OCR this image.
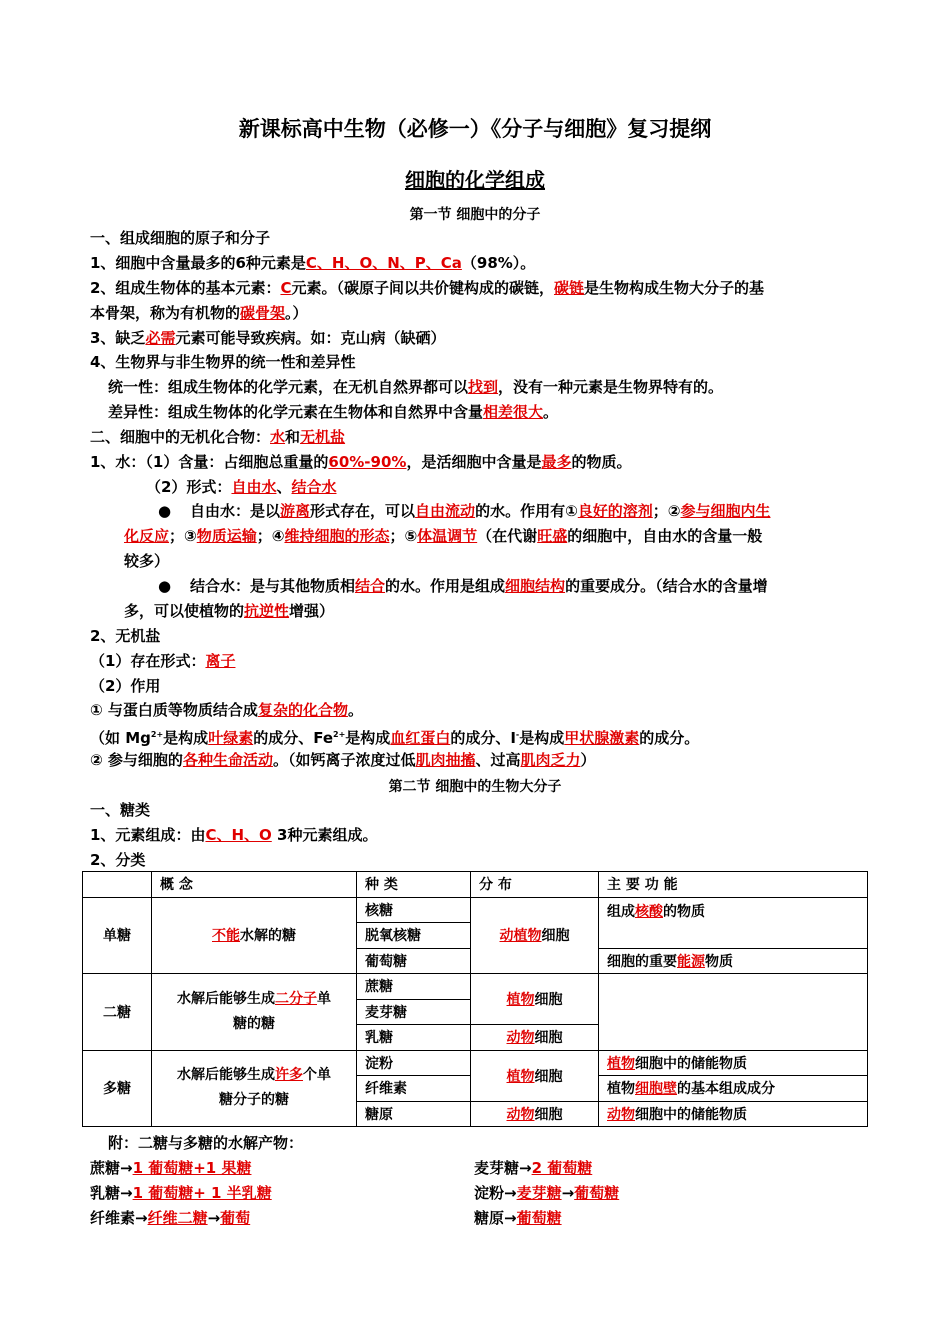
新课标高中生物（必修一）《分子与细胞》复习提纲
细胞的化学组成
第一节 细胞中的分子
一、组成细胞的原子和分子
1、细胞中含量最多的6种元素是C、H、O、N、P、Ca（98%）。
2、组成生物体的基本元素：C元素。（碳原子间以共价键构成的碳链，碳链是生物构成生物大分子的基
本骨架，称为有机物的碳骨架。）
3、缺乏必需元素可能导致疾病。如：克山病（缺硒）
4、生物界与非生物界的统一性和差异性
统一性：组成生物体的化学元素，在无机自然界都可以找到，没有一种元素是生物界特有的。
差异性：组成生物体的化学元素在生物体和自然界中含量相差很大。
二、细胞中的无机化合物：水和无机盐
1、水：（1）含量：占细胞总重量的60%-90%，是活细胞中含量是最多的物质。
（2）形式：自由水、结合水
● 自由水：是以游离形式存在，可以自由流动的水。作用有①良好的溶剂；②参与细胞内生
化反应；③物质运输；④维持细胞的形态；⑤体温调节（在代谢旺盛的细胞中，自由水的含量一般
较多）
● 结合水：是与其他物质相结合的水。作用是组成细胞结构的重要成分。（结合水的含量增
多，可以使植物的抗逆性增强）
2、无机盐
（1）存在形式：离子
（2）作用
① 与蛋白质等物质结合成复杂的化合物。
（如 $Mg^{2+}$是构成叶绿素的成分、$Fe^{2+}$是构成血红蛋白的成分、I-是构成甲状腺激素的成分。
② 参与细胞的各种生命活动。（如钙离子浓度过低肌肉抽搐、过高肌肉乏力）
第二节 细胞中的生物大分子
一、糖类
1、元素组成：由C、H、O 3种元素组成。
2、分类
	概 念	种 类	分 布	主 要 功 能
单糖	不能水解的糖	核糖	动植物细胞	组成核酸的物质
		脱氧核糖		
		葡萄糖		细胞的重要能源物质
二糖	水解后能够生成二分子单
糖的糖	蔗糖	植物细胞	
		麦芽糖		
		乳糖	动物细胞	
多糖	水解后能够生成许多个单
糖分子的糖	淀粉	植物细胞	植物细胞中的储能物质
		纤维素		植物细胞壁的基本组成成分
		糖原	动物细胞	动物细胞中的储能物质
附：二糖与多糖的水解产物：
蔗糖→1 葡萄糖+1 果糖	麦芽糖→2 葡萄糖
乳糖→1 葡萄糖+ 1 半乳糖	淀粉→麦芽糖→葡萄糖
纤维素→纤维二糖→葡萄	糖原→葡萄糖
